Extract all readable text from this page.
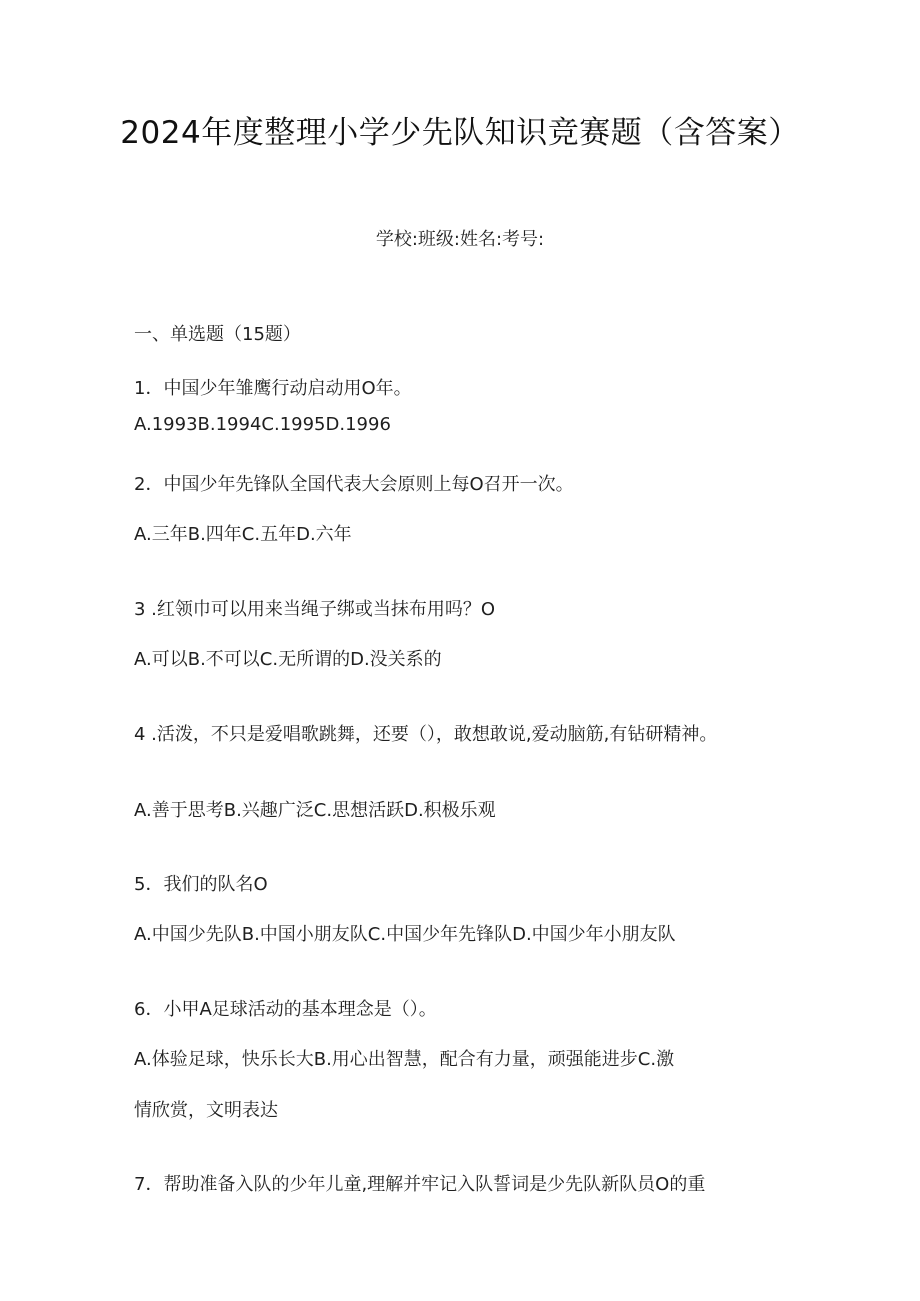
2024年度整理小学少先队知识竞赛题（含答案）
学校:班级:姓名:考号:
一、单选题（15题）
1．中国少年雏鹰行动启动用O年。
A.1993B.1994C.1995D.1996
2．中国少年先锋队全国代表大会原则上每O召开一次。
A.三年B.四年C.五年D.六年
3 .红领巾可以用来当绳子绑或当抹布用吗？O
A.可以B.不可以C.无所谓的D.没关系的
4 .活泼，不只是爱唱歌跳舞，还要（），敢想敢说,爱动脑筋,有钻研精神。
A.善于思考B.兴趣广泛C.思想活跃D.积极乐观
5．我们的队名O
A.中国少先队B.中国小朋友队C.中国少年先锋队D.中国少年小朋友队
6．小甲A足球活动的基本理念是（）。
A.体验足球，快乐长大B.用心出智慧，配合有力量，顽强能进步C.激
情欣赏，文明表达
7．帮助准备入队的少年儿童,理解并牢记入队誓词是少先队新队员O的重
